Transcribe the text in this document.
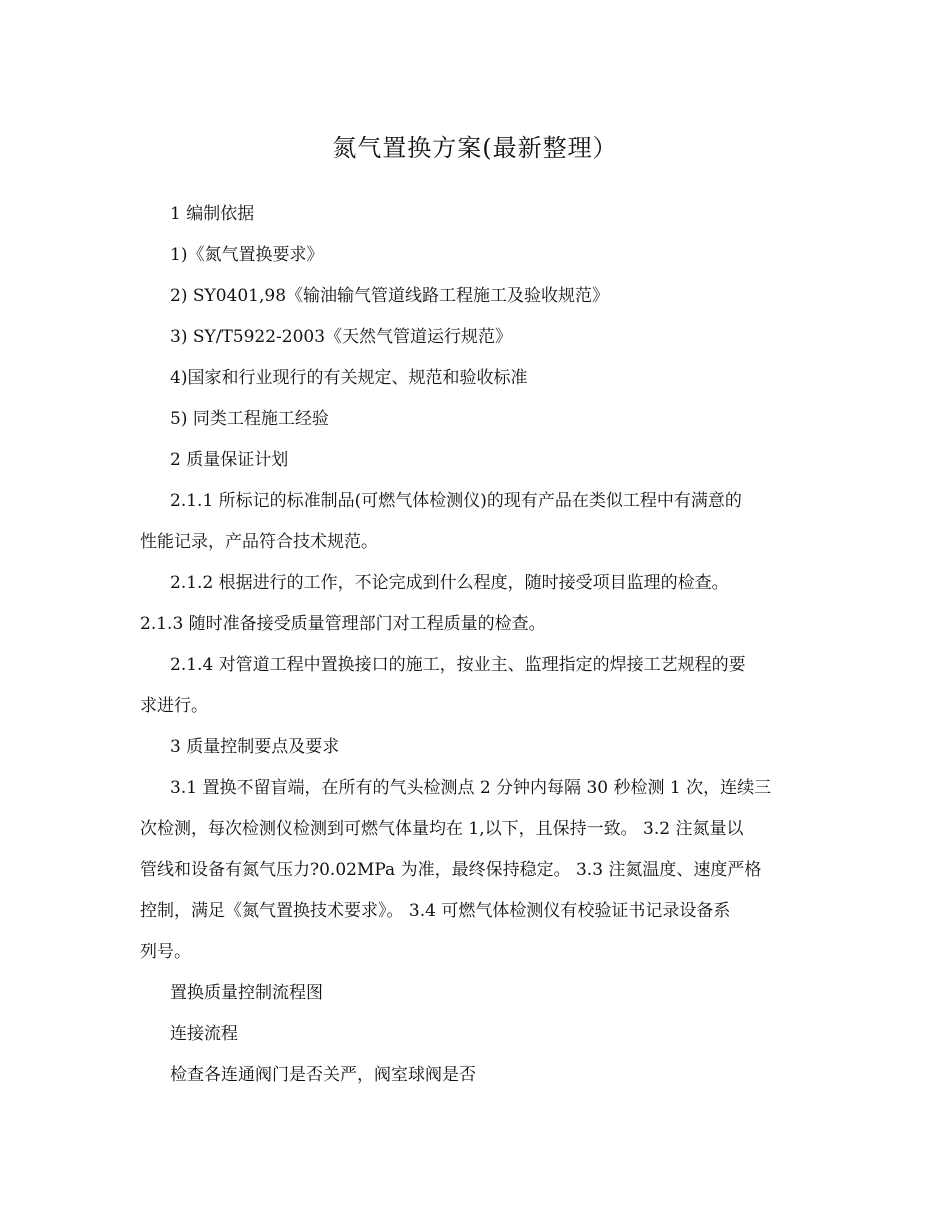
氮气置换方案(最新整理）
1 编制依据
1)《氮气置换要求》
2) SY0401,98《输油输气管道线路工程施工及验收规范》
3) SY/T5922-2003《天然气管道运行规范》
4)国家和行业现行的有关规定、规范和验收标准
5) 同类工程施工经验
2 质量保证计划
2.1.1 所标记的标准制品(可燃气体检测仪)的现有产品在类似工程中有满意的
性能记录，产品符合技术规范。
2.1.2 根据进行的工作，不论完成到什么程度，随时接受项目监理的检查。
2.1.3 随时准备接受质量管理部门对工程质量的检查。
2.1.4 对管道工程中置换接口的施工，按业主、监理指定的焊接工艺规程的要
求进行。
3 质量控制要点及要求
3.1 置换不留盲端，在所有的气头检测点 2 分钟内每隔 30 秒检测 1 次，连续三
次检测，每次检测仪检测到可燃气体量均在 1,以下，且保持一致。 3.2 注氮量以
管线和设备有氮气压力?0.02MPa 为准，最终保持稳定。 3.3 注氮温度、速度严格
控制，满足《氮气置换技术要求》。 3.4 可燃气体检测仪有校验证书记录设备系
列号。
置换质量控制流程图
连接流程
检查各连通阀门是否关严，阀室球阀是否
